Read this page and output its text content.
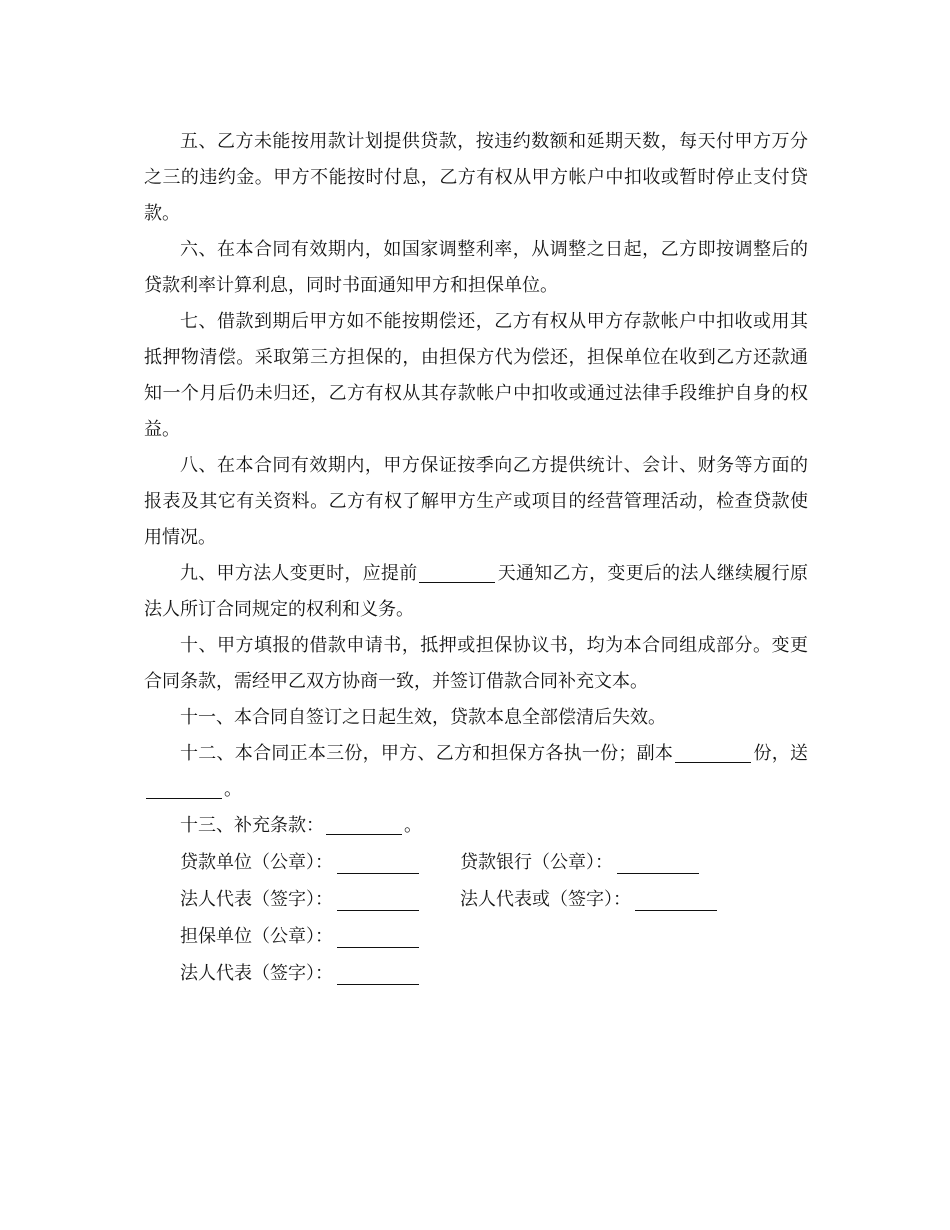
五、乙方未能按用款计划提供贷款，按违约数额和延期天数，每天付甲方万分之三的违约金。甲方不能按时付息，乙方有权从甲方帐户中扣收或暂时停止支付贷款。

六、在本合同有效期内，如国家调整利率，从调整之日起，乙方即按调整后的贷款利率计算利息，同时书面通知甲方和担保单位。

七、借款到期后甲方如不能按期偿还，乙方有权从甲方存款帐户中扣收或用其抵押物清偿。采取第三方担保的，由担保方代为偿还，担保单位在收到乙方还款通知一个月后仍未归还，乙方有权从其存款帐户中扣收或通过法律手段维护自身的权益。

八、在本合同有效期内，甲方保证按季向乙方提供统计、会计、财务等方面的报表及其它有关资料。乙方有权了解甲方生产或项目的经营管理活动，检查贷款使用情况。

九、甲方法人变更时，应提前	天通知乙方，变更后的法人继续履行原法人所订合同规定的权利和义务。

十、甲方填报的借款申请书，抵押或担保协议书，均为本合同组成部分。变更合同条款，需经甲乙双方协商一致，并签订借款合同补充文本。

十一、本合同自签订之日起生效，贷款本息全部偿清后失效。

十二、本合同正本三份，甲方、乙方和担保方各执一份；副本	份，送。

十三、补充条款：	。

贷款单位（公章）：	贷款银行（公章）：
法人代表（签字）：	法人代表或（签字）：
担保单位（公章）：
法人代表（签字）：
